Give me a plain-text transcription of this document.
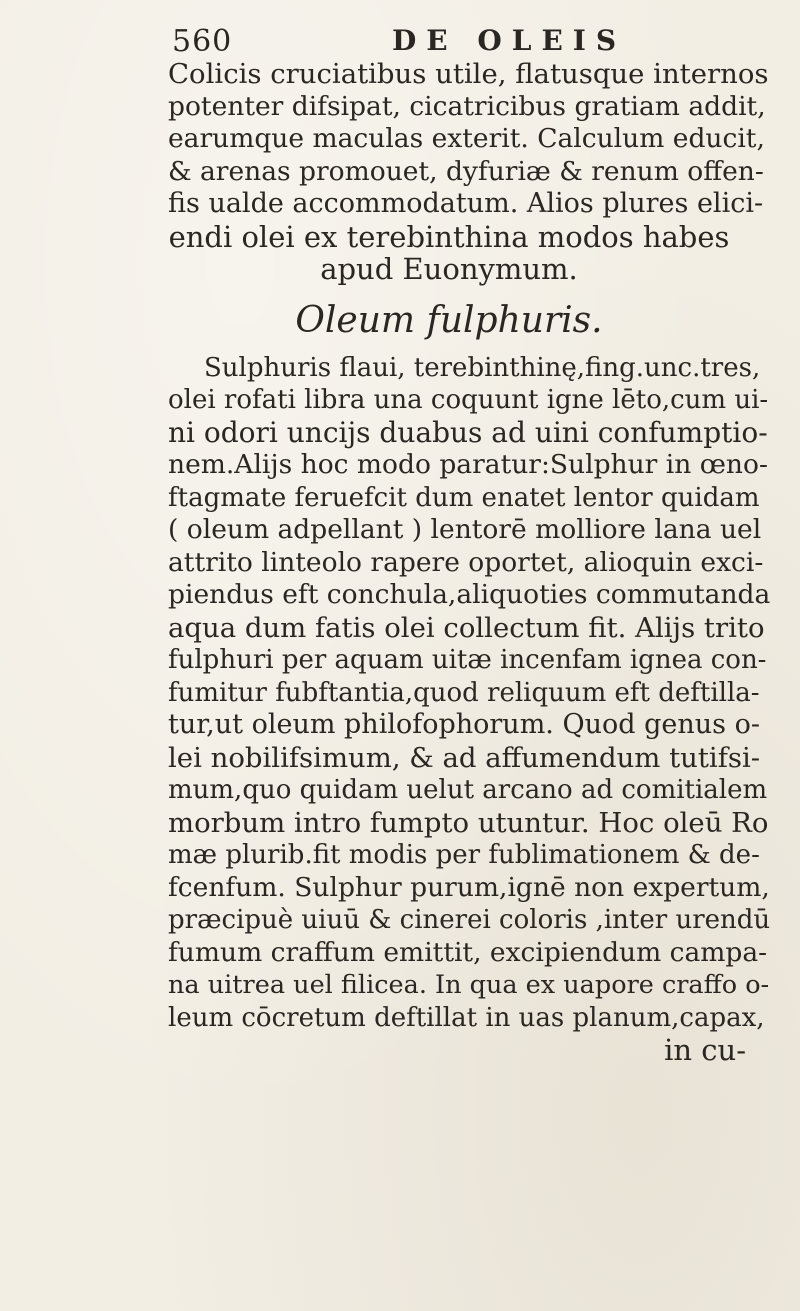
560	DE OLEIS
Colicis cruciatibus utile, flatusque internos
potenter difsipat, cicatricibus gratiam addit,
earumque maculas exterit. Calculum educit,
& arenas promouet, dyfuriæ & renum offen-
fis ualde accommodatum. Alios plures elici-
endi olei ex terebinthina modos habes
apud Euonymum.
Oleum fulphuris.
Sulphuris flaui, terebinthinę,fing.unc.tres,
olei rofati libra una coquunt igne lēto,cum ui-
ni odori uncijs duabus ad uini confumptio-
nem.Alijs hoc modo paratur:Sulphur in œno-
ftagmate feruefcit dum enatet lentor quidam
( oleum adpellant ) lentorē molliore lana uel
attrito linteolo rapere oportet, alioquin exci-
piendus eft conchula,aliquoties commutanda
aqua dum fatis olei collectum fit. Alijs trito
fulphuri per aquam uitæ incenfam ignea con-
fumitur fubftantia,quod reliquum eft deftilla-
tur,ut oleum philofophorum. Quod genus o-
lei nobilifsimum, & ad affumendum tutifsi-
mum,quo quidam uelut arcano ad comitialem
morbum intro fumpto utuntur. Hoc oleū Ro
mæ plurib.fit modis per fublimationem & de-
fcenfum. Sulphur purum,ignē non expertum,
præcipuè uiuū & cinerei coloris ,inter urendū
fumum craffum emittit, excipiendum campa-
na uitrea uel filicea. In qua ex uapore craffo o-
leum cōcretum deftillat in uas planum,capax,
in cu-
